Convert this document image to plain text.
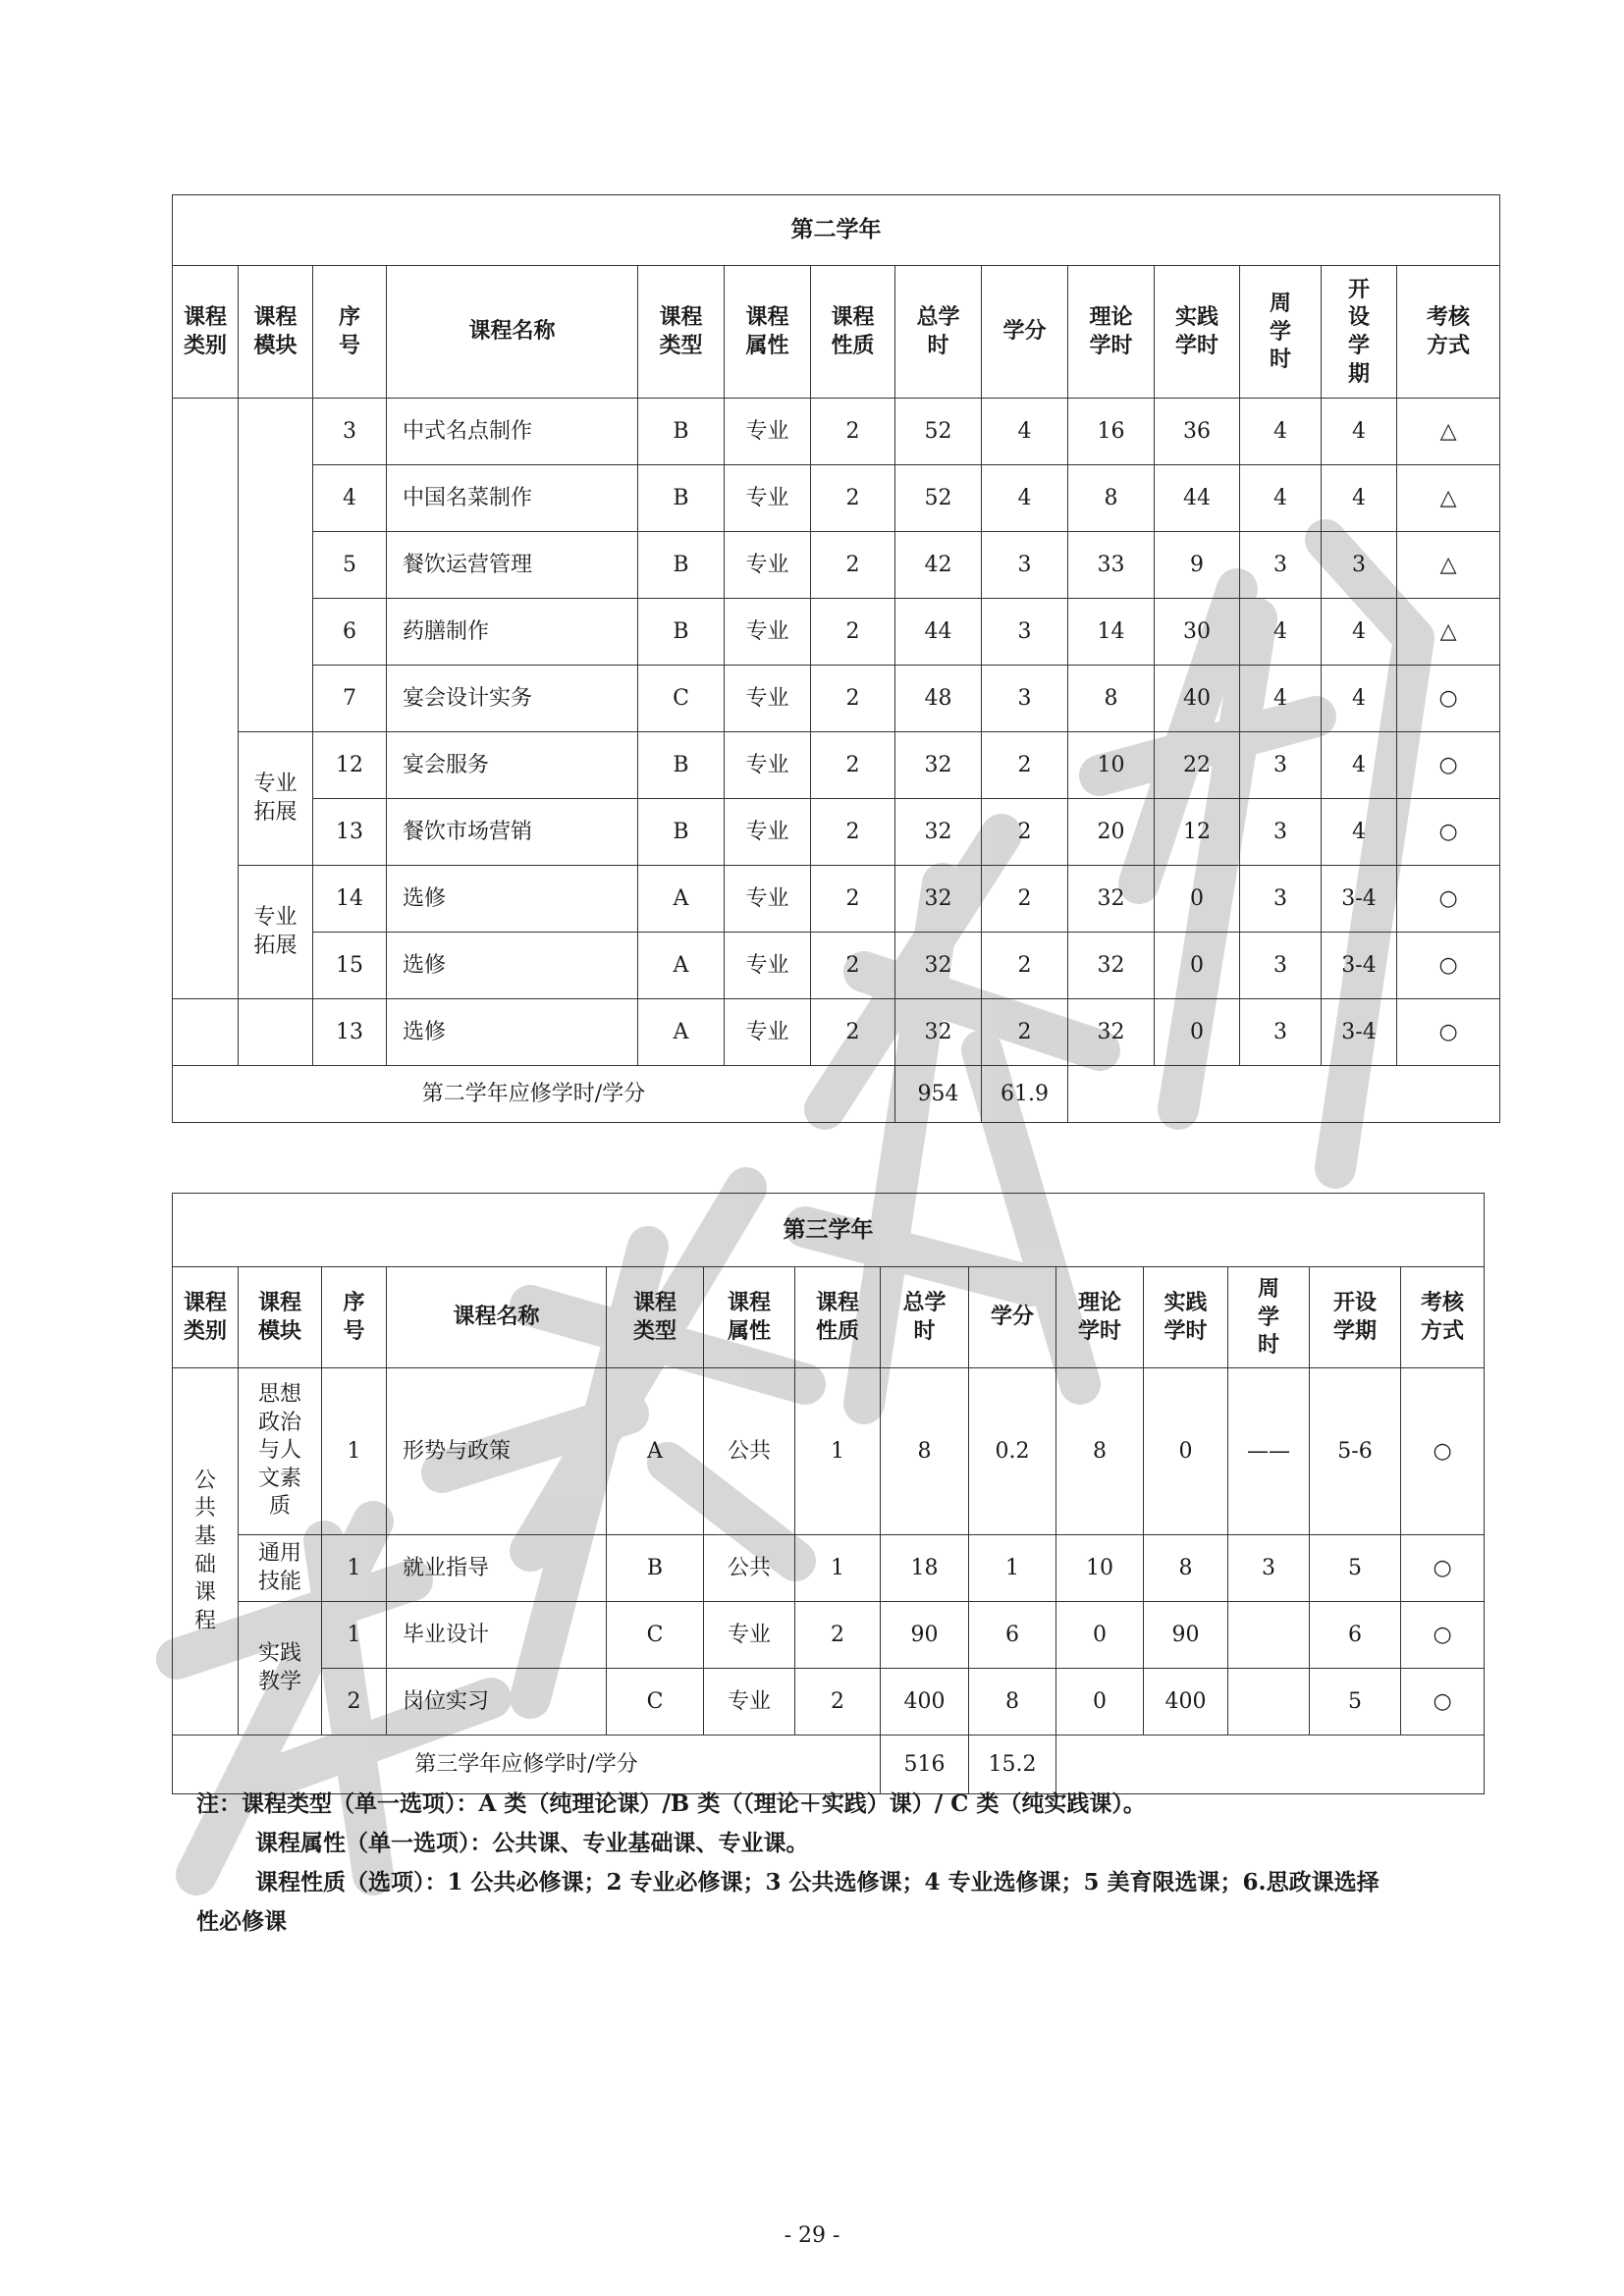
第二学年													
课程类别	课程模块	序号	课程名称	课程类型	课程属性	课程性质	总学时	学分	理论学时	实践学时	周学时	开设学期	考核方式
		3	中式名点制作	B	专业	2	52	4	16	36	4	4	△
		4	中国名菜制作	B	专业	2	52	4	8	44	4	4	△
		5	餐饮运营管理	B	专业	2	42	3	33	9	3	3	△
		6	药膳制作	B	专业	2	44	3	14	30	4	4	△
		7	宴会设计实务	C	专业	2	48	3	8	40	4	4	○
	专业拓展	12	宴会服务	B	专业	2	32	2	10	22	3	4	○
		13	餐饮市场营销	B	专业	2	32	2	20	12	3	4	○
	专业拓展	14	选修	A	专业	2	32	2	32	0	3	3-4	○
		15	选修	A	专业	2	32	2	32	0	3	3-4	○
		13	选修	A	专业	2	32	2	32	0	3	3-4	○
第二学年应修学时/学分							954	61.9					
第三学年													
课程类别	课程模块	序号	课程名称	课程类型	课程属性	课程性质	总学时	学分	理论学时	实践学时	周学时	开设学期	考核方式
公共基础课程	思想政治与人文素质	1	形势与政策	A	公共	1	8	0.2	8	0	——	5-6	○
	通用技能	1	就业指导	B	公共	1	18	1	10	8	3	5	○
	实践教学	1	毕业设计	C	专业	2	90	6	0	90		6	○
		2	岗位实习	C	专业	2	400	8	0	400		5	○
第三学年应修学时/学分							516	15.2					

注：课程类型（单一选项）：A 类（纯理论课）/B 类（（理论＋实践）课）/ C 类（纯实践课）。

课程属性（单一选项）：公共课、专业基础课、专业课。

课程性质（选项）：1 公共必修课；2 专业必修课；3 公共选修课；4 专业选修课；5 美育限选课；6.思政课选择

性必修课

- 29 -
